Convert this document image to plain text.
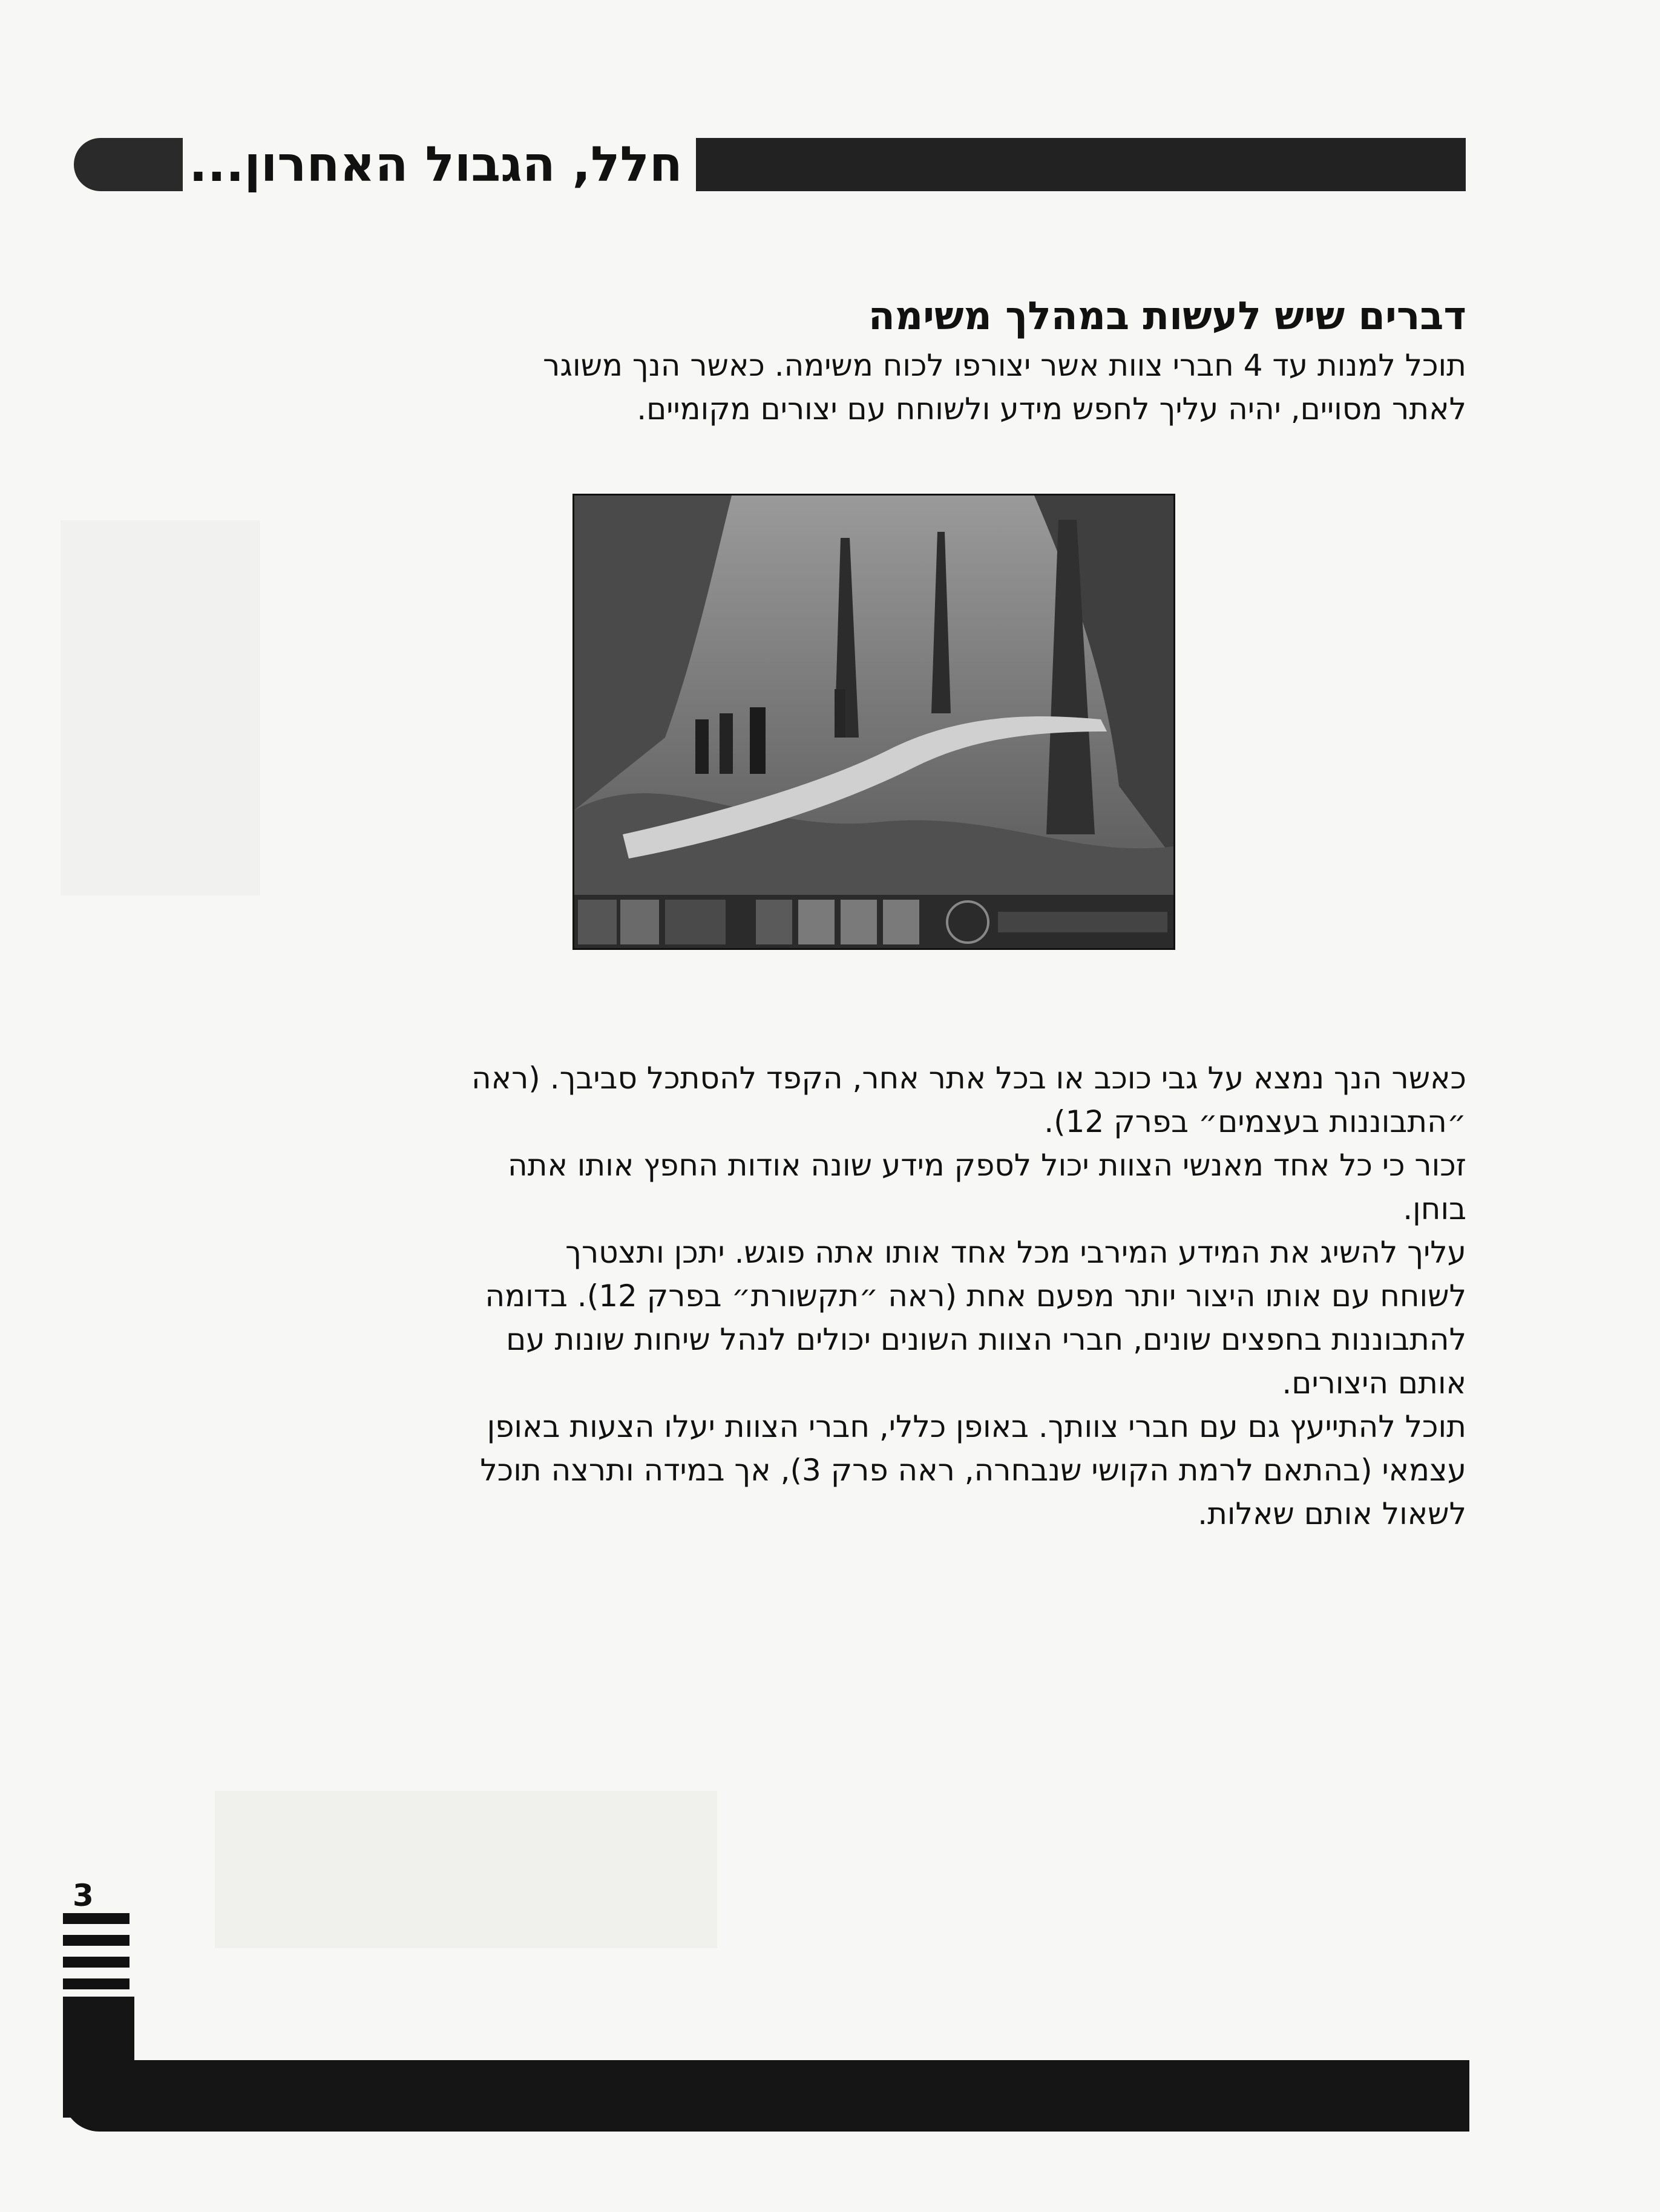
חלל, הגבול האחרון...
דברים שיש לעשות במהלך משימה

תוכל למנות עד 4 חברי צוות אשר יצורפו לכוח משימה. כאשר הנך משוגר

לאתר מסויים, יהיה עליך לחפש מידע ולשוחח עם יצורים מקומיים.

כאשר הנך נמצא על גבי כוכב או בכל אתר אחר, הקפד להסתכל סביבך. (ראה

״התבוננות בעצמים״ בפרק 12).

זכור כי כל אחד מאנשי הצוות יכול לספק מידע שונה אודות החפץ אותו אתה

בוחן.

עליך להשיג את המידע המירבי מכל אחד אותו אתה פוגש. יתכן ותצטרך

לשוחח עם אותו היצור יותר מפעם אחת (ראה ״תקשורת״ בפרק 12). בדומה

להתבוננות בחפצים שונים, חברי הצוות השונים יכולים לנהל שיחות שונות עם

אותם היצורים.

תוכל להתייעץ גם עם חברי צוותך. באופן כללי, חברי הצוות יעלו הצעות באופן

עצמאי (בהתאם לרמת הקושי שנבחרה, ראה פרק 3), אך במידה ותרצה תוכל

לשאול אותם שאלות.

3
